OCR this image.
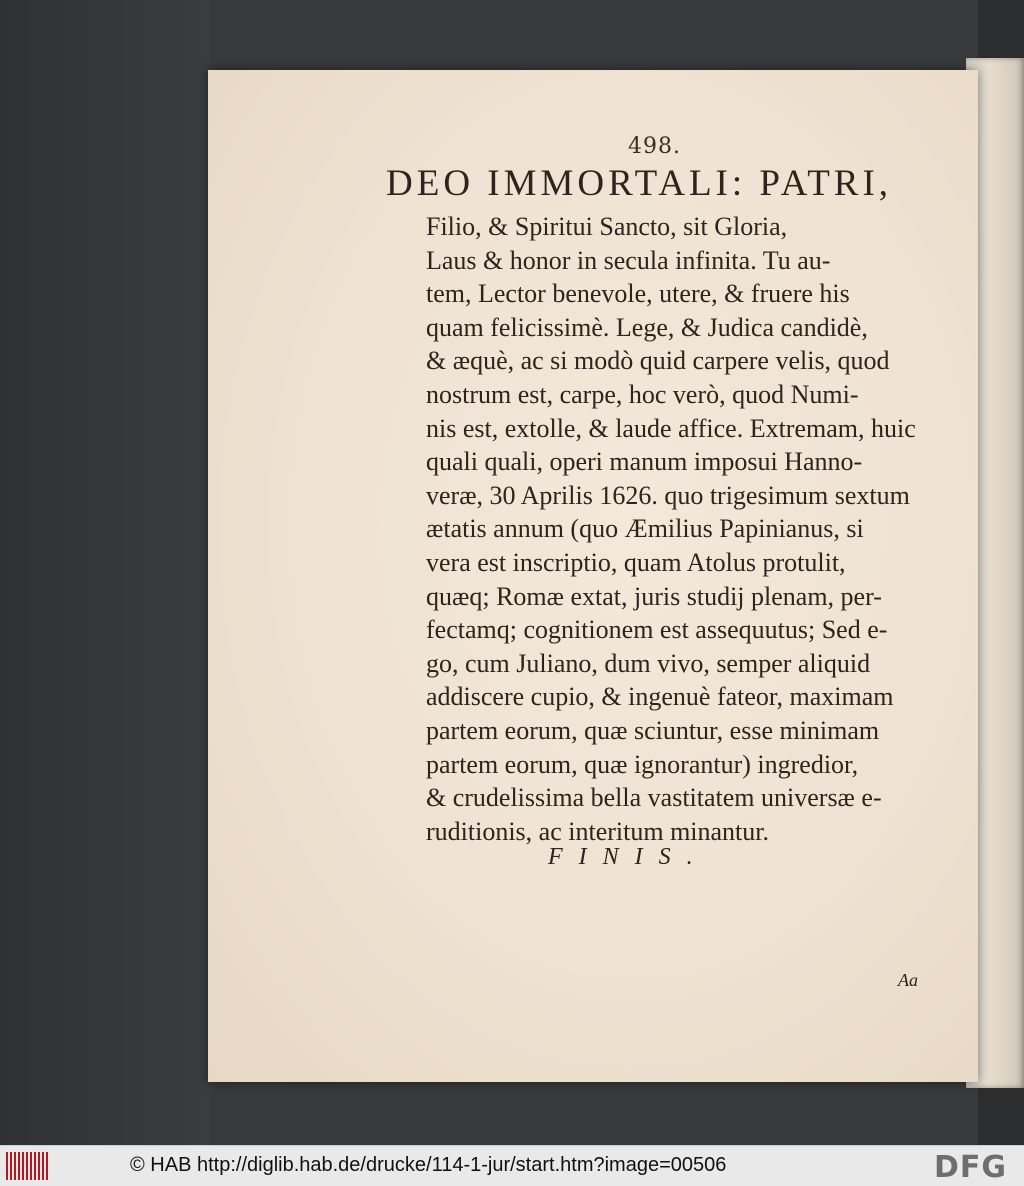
498.
DEO IMMORTALI: PATRI,
Filio, & Spiritui Sancto, sit Gloria,
Laus & honor in secula infinita. Tu au-
tem, Lector benevole, utere, & fruere his
quam felicissimè. Lege, & Judica candidè,
& æquè, ac si modò quid carpere velis, quod
nostrum est, carpe, hoc verò, quod Numi-
nis est, extolle, & laude affice. Extremam, huic
quali quali, operi manum imposui Hanno-
veræ, 30 Aprilis 1626. quo trigesimum sextum
ætatis annum (quo Æmilius Papinianus, si
vera est inscriptio, quam Atolus protulit,
quæq; Romæ extat, juris studij plenam, per-
fectamq; cognitionem est assequutus; Sed e-
go, cum Juliano, dum vivo, semper aliquid
addiscere cupio, & ingenuè fateor, maximam
partem eorum, quæ sciuntur, esse minimam
partem eorum, quæ ignorantur) ingredior,
& crudelissima bella vastitatem universæ e-
ruditionis, ac interitum minantur.
FINIS.
Aa
© HAB http://diglib.hab.de/drucke/114-1-jur/start.htm?image=00506	DFG
